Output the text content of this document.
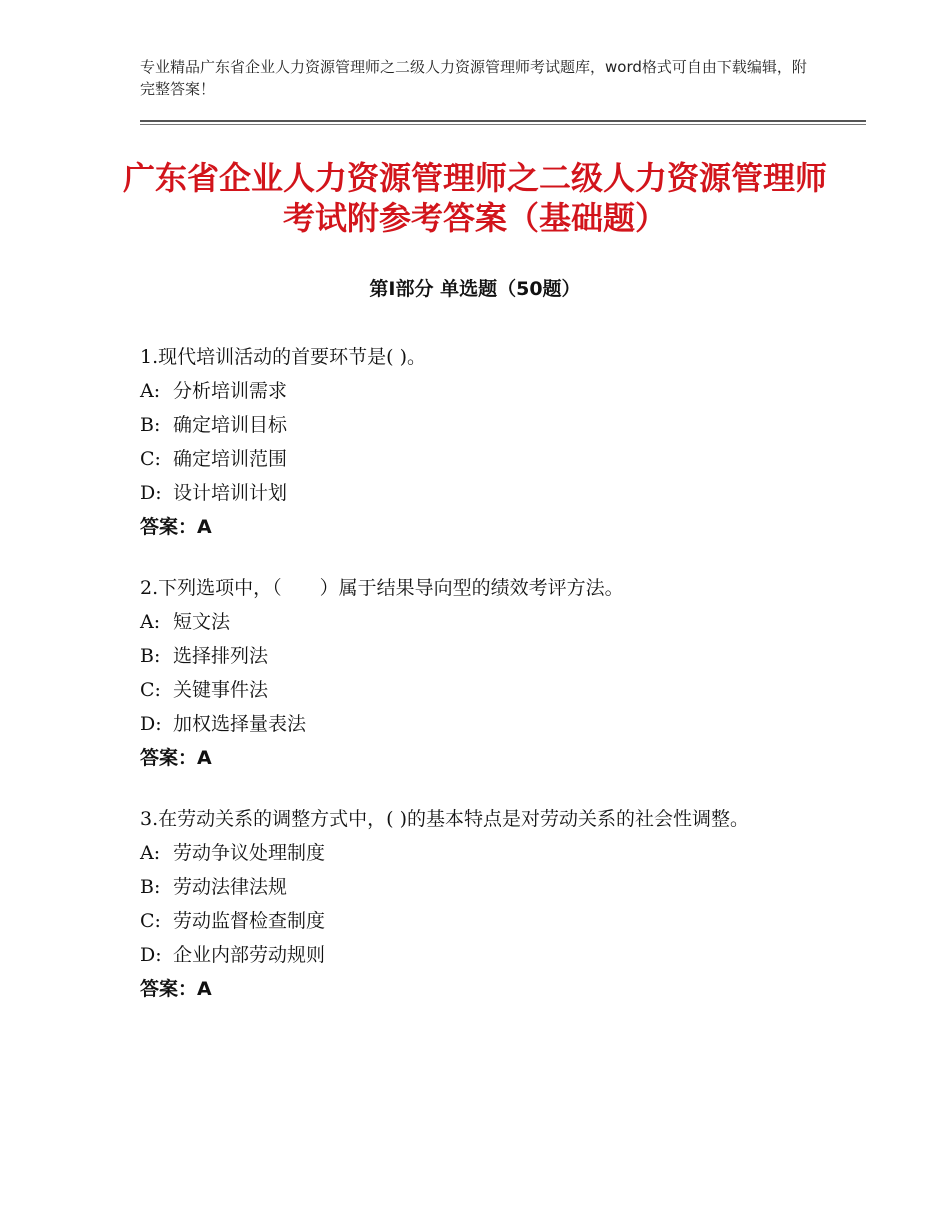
专业精品广东省企业人力资源管理师之二级人力资源管理师考试题库，word格式可自由下载编辑，附完整答案！
广东省企业人力资源管理师之二级人力资源管理师考试附参考答案（基础题）
第Ⅰ部分 单选题（50题）
1.现代培训活动的首要环节是( )。
A: 分析培训需求
B: 确定培训目标
C: 确定培训范围
D: 设计培训计划
答案：A
2.下列选项中，（　　）属于结果导向型的绩效考评方法。
A: 短文法
B: 选择排列法
C: 关键事件法
D: 加权选择量表法
答案：A
3.在劳动关系的调整方式中，( )的基本特点是对劳动关系的社会性调整。
A: 劳动争议处理制度
B: 劳动法律法规
C: 劳动监督检查制度
D: 企业内部劳动规则
答案：A
